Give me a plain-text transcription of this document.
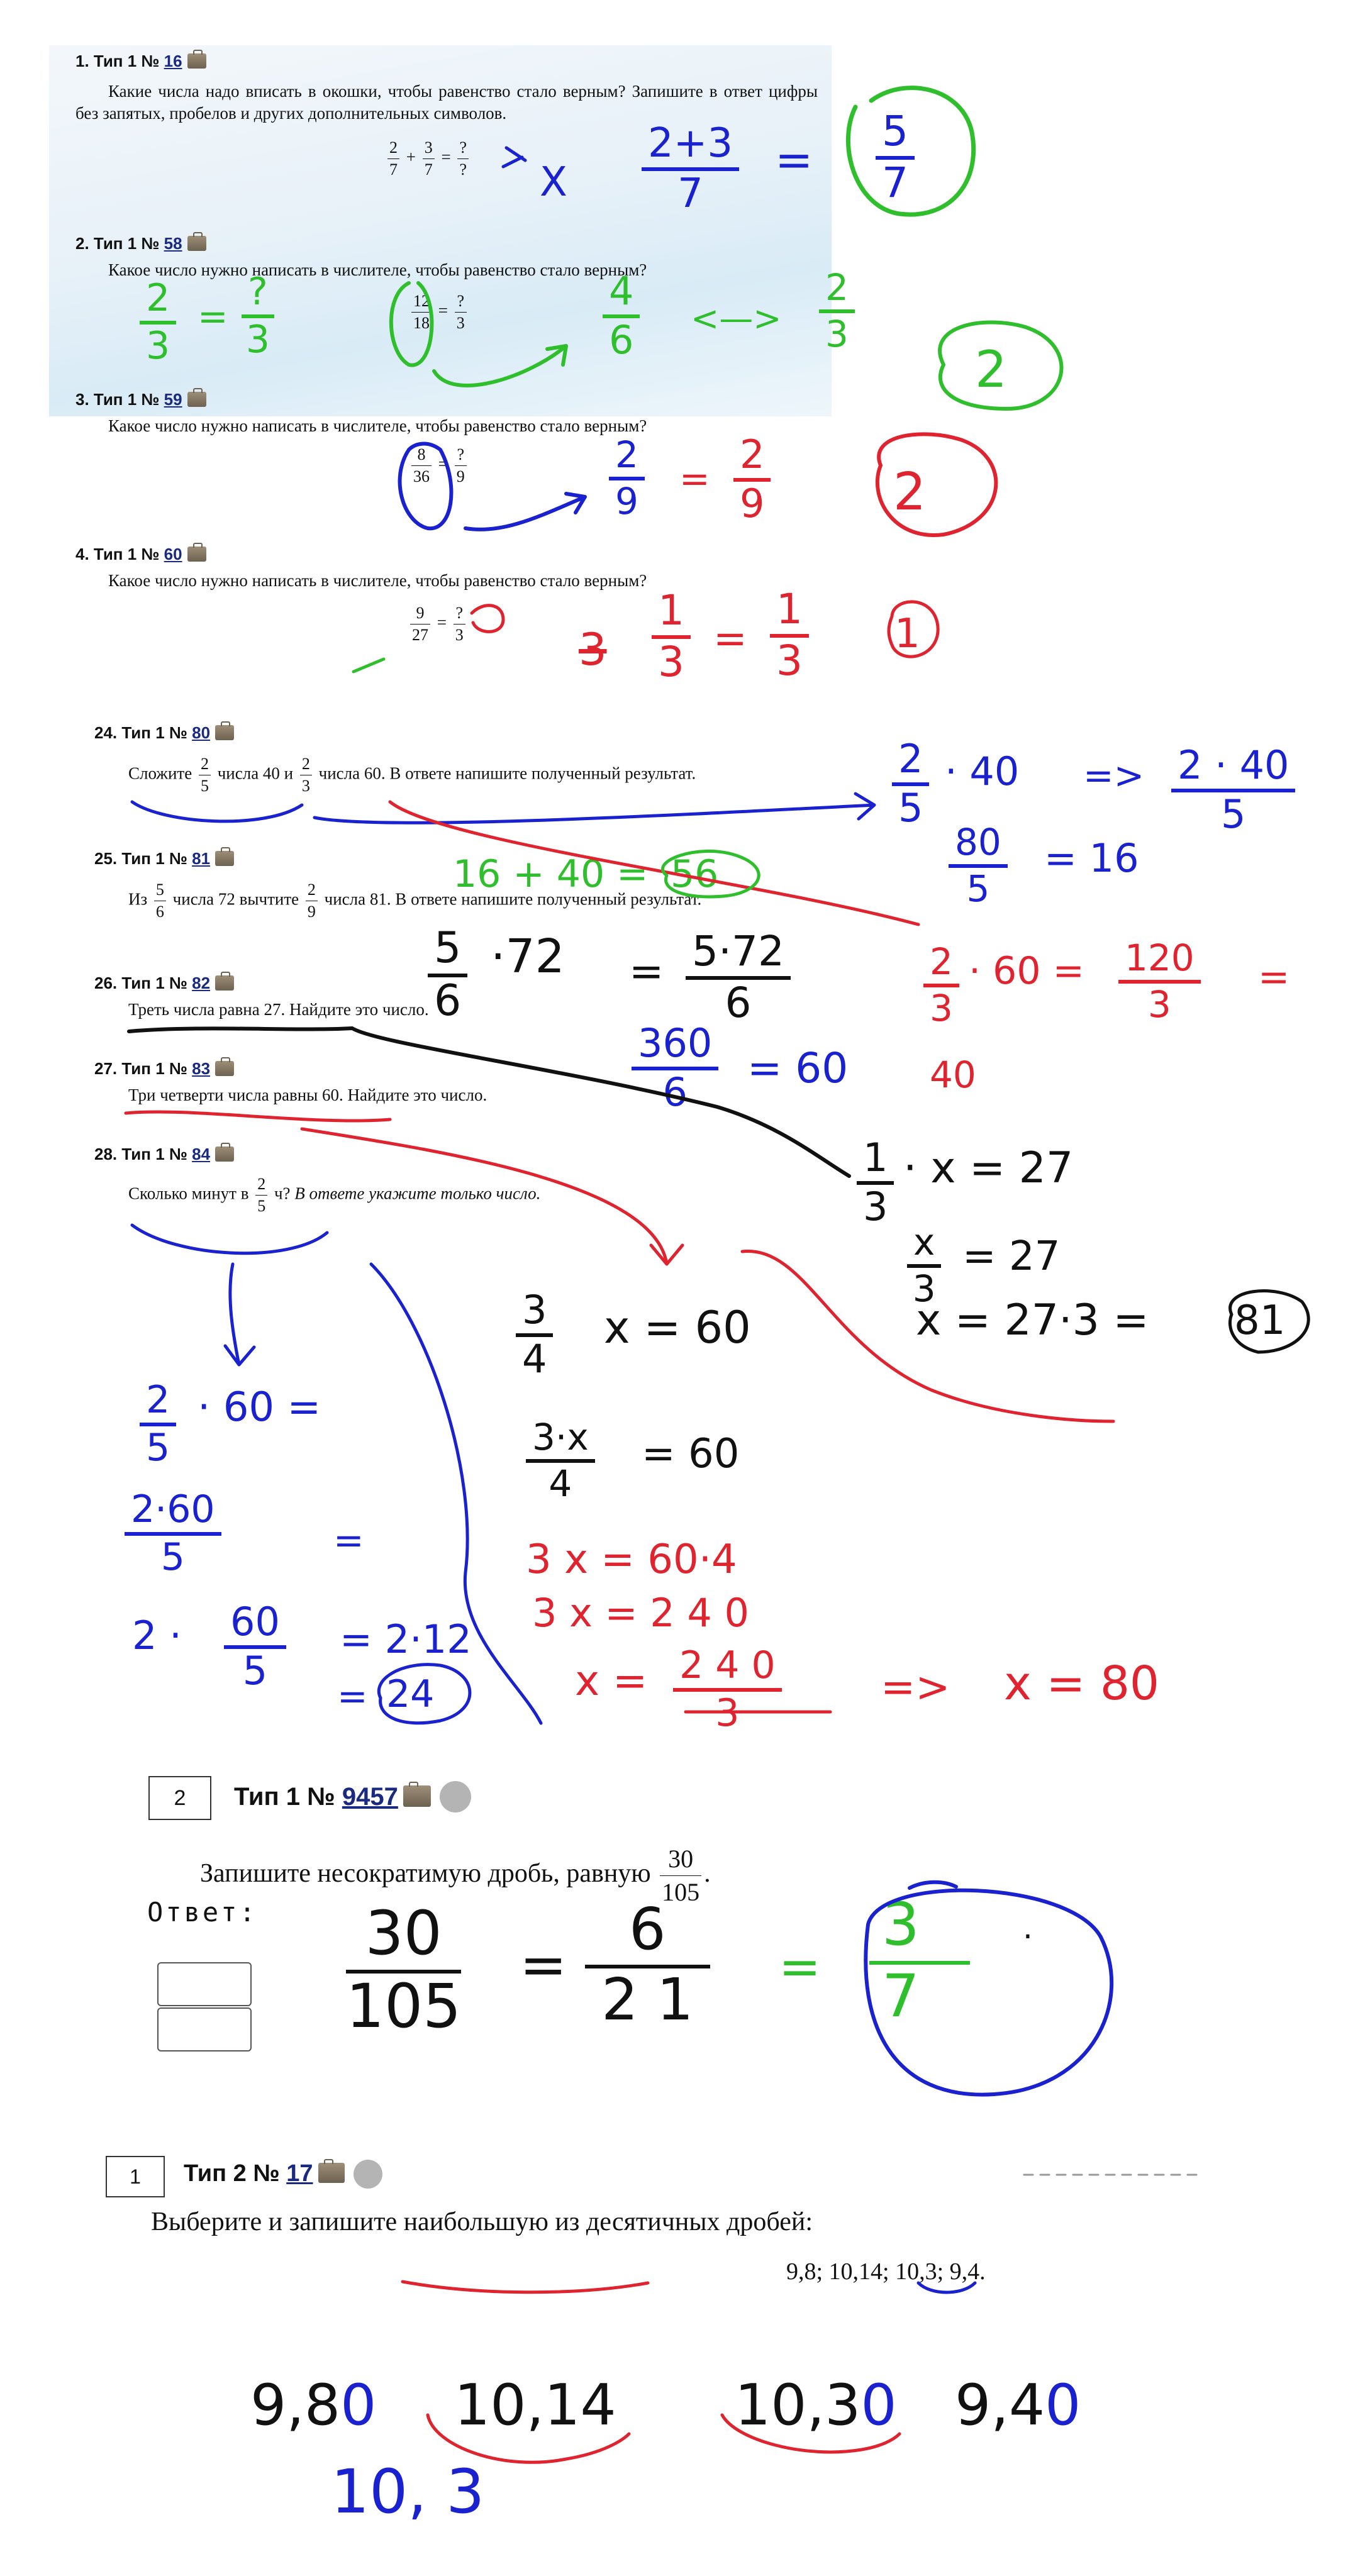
1. Тип 1 № 16
Какие числа надо вписать в окошки, чтобы равенство стало верным? Запишите в ответ цифры без запятых, пробелов и других дополнительных символов.
$\frac{2}{7} + \frac{3}{7} = \frac{?}{?}$
2. Тип 1 № 58
Какое число нужно написать в числителе, чтобы равенство стало верным?
$\frac{12}{18} = \frac{?}{3}$
3. Тип 1 № 59
Какое число нужно написать в числителе, чтобы равенство стало верным?
$\frac{8}{36} = \frac{?}{9}$
4. Тип 1 № 60
Какое число нужно написать в числителе, чтобы равенство стало верным?
$\frac{9}{27} = \frac{?}{3}$
24. Тип 1 № 80
Сложите $\frac{2}{5}$ числа 40 и $\frac{2}{3}$ числа 60. В ответе напишите полученный результат.
25. Тип 1 № 81
Из $\frac{5}{6}$ числа 72 вычтите $\frac{2}{9}$ числа 81. В ответе напишите полученный результат.
26. Тип 1 № 82
Треть числа равна 27. Найдите это число.
27. Тип 1 № 83
Три четверти числа равны 60. Найдите это число.
28. Тип 1 № 84
Сколько минут в $\frac{2}{5} ч$? В ответе укажите только число.
2	Тип 1 № 9457
Запишите несократимую дробь, равную $\frac{30}{105}$ .
Ответ:
1	Тип 2 № 17
Выберите и запишите наибольшую из десятичных дробей:
9,8; 10,14; 10,3; 9,4.
Х $\frac{2+3}{7} = \frac{5}{7}$
$\frac{2}{3}$ =
?
3	$\frac{4}{6}$ <—> $\frac{2}{3}$
2
$\frac{2}{9} = \frac{2}{9} 2$
$3 \frac{1}{3} = \frac{1}{3} 1$
$\frac{2}{5} \cdot 40 => \frac{2 \cdot 40}{5}$
$\frac{80}{5} = 16$
16 + 40 = 56
$\frac{2}{3} \cdot 60 = \frac{120}{3}$ =
40
$\frac{5}{6} \cdot 72 = \frac{5\cdot 72}{6}$
$\frac{360}{6} = 60$
$\frac{1}{3} \cdot x = 27$
$\frac{x}{3} = 27$
x = 27·3 = 81
$\frac{3}{4}$ x = 60
$\frac{3\cdot x}{4} = 60$
3 x = 60·4
3 x = 2 4 0
$x = \frac{2 4 0}{3} => x = 80$
$\frac{2}{5} \cdot 60$ =
$\frac{2\cdot 60}{5}$	=
$2 \cdot \frac{60}{5} = 2\cdot 12$
= 24
$\frac{30}{105} = \frac{6}{2 1} = \frac{3}{7}$ .
9,80 10,14 10,30 9,40
10, 3
